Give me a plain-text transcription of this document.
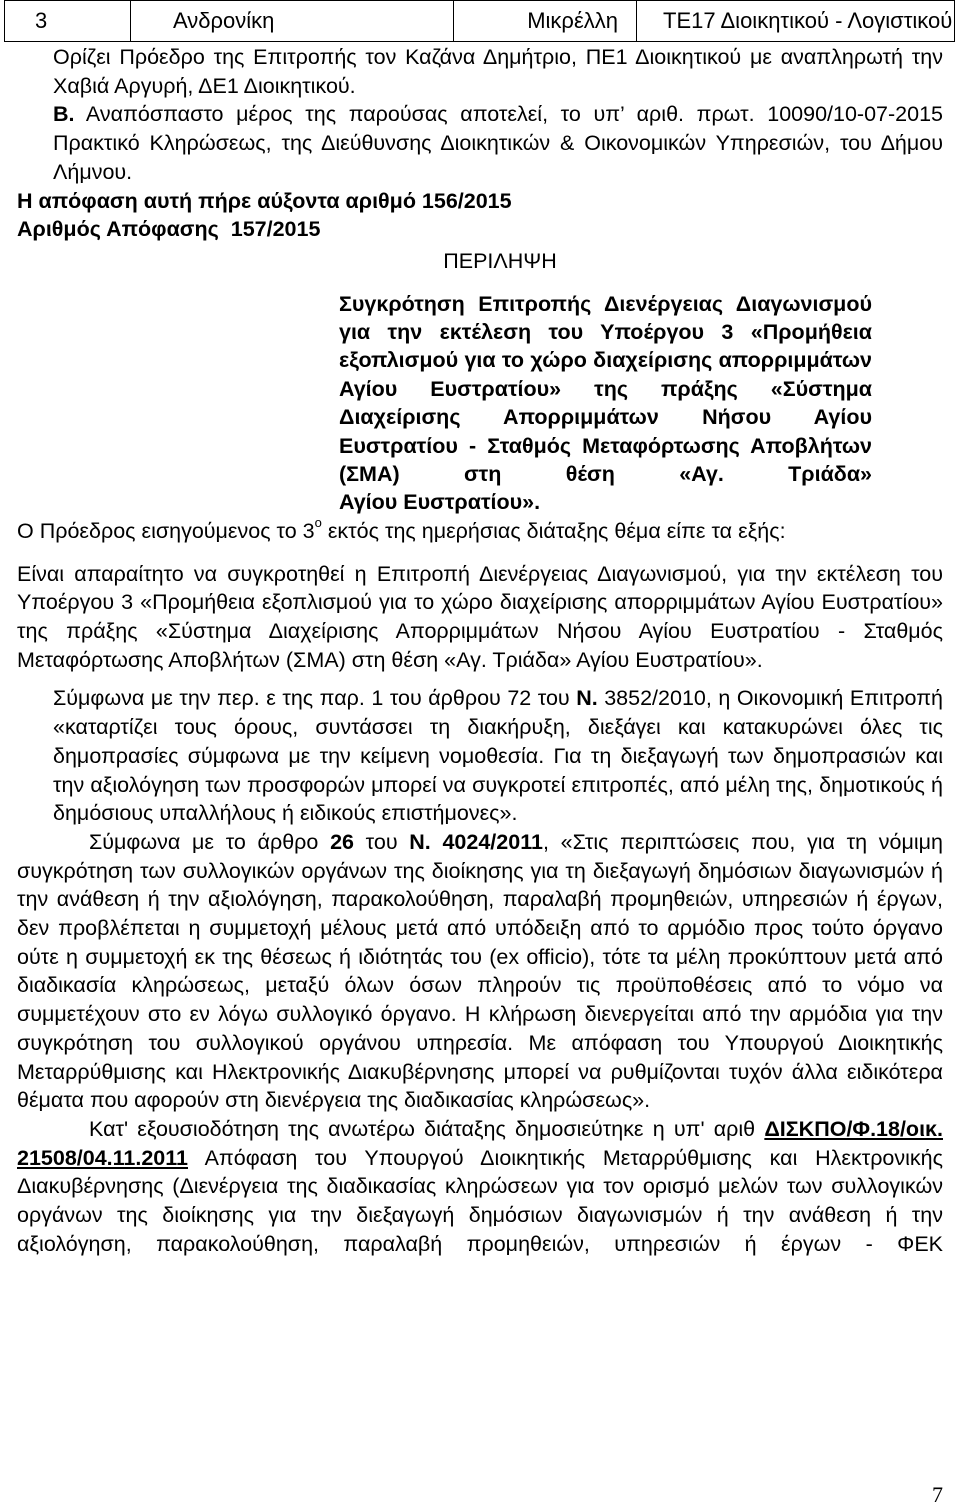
3	Ανδρονίκη	Μικρέλλη	ΤΕ17 Διοικητικού - Λογιστικού

Ορίζει Πρόεδρο της Επιτροπής τον Καζάνα Δημήτριο, ΠΕ1 Διοικητικού με αναπληρωτή την Χαβιά Αργυρή, ΔΕ1 Διοικητικού.

Β. Αναπόσπαστο μέρος της παρούσας αποτελεί, το υπ’ αριθ. πρωτ. 10090/10-07-2015 Πρακτικό Κληρώσεως, της Διεύθυνσης Διοικητικών & Οικονομικών Υπηρεσιών, του Δήμου Λήμνου.

Η απόφαση αυτή πήρε αύξοντα αριθμό 156/2015

Αριθμός Απόφασης  157/2015

ΠΕΡΙΛΗΨΗ

Συγκρότηση Επιτροπής Διενέργειας Διαγωνισμού για την εκτέλεση του Υποέργου 3 «Προμήθεια εξοπλισμού για το χώρο διαχείρισης απορριμμάτων Αγίου Ευστρατίου» της πράξης «Σύστημα Διαχείρισης Απορριμμάτων Νήσου Αγίου Ευστρατίου - Σταθμός Μεταφόρτωσης Αποβλήτων (ΣΜΑ) στη θέση «Αγ. Τριάδα»

Αγίου Ευστρατίου».

Ο Πρόεδρος εισηγούμενος το $3^o$ εκτός της ημερήσιας διάταξης θέμα είπε τα εξής:

Είναι απαραίτητο να συγκροτηθεί η Επιτροπή Διενέργειας Διαγωνισμού, για την εκτέλεση του Υποέργου 3 «Προμήθεια εξοπλισμού για το χώρο διαχείρισης απορριμμάτων Αγίου Ευστρατίου» της πράξης «Σύστημα Διαχείρισης Απορριμμάτων Νήσου Αγίου Ευστρατίου - Σταθμός Μεταφόρτωσης Αποβλήτων (ΣΜΑ) στη θέση «Αγ. Τριάδα» Αγίου Ευστρατίου».

Σύμφωνα με την περ. ε της παρ. 1 του άρθρου 72 του Ν. 3852/2010, η Οικονομική Επιτροπή «καταρτίζει τους όρους, συντάσσει τη διακήρυξη, διεξάγει και κατακυρώνει όλες τις δημοπρασίες σύμφωνα με την κείμενη νομοθεσία. Για τη διεξαγωγή των δημοπρασιών και την αξιολόγηση των προσφορών μπορεί να συγκροτεί επιτροπές, από μέλη της, δημοτικούς ή δημόσιους υπαλλήλους ή ειδικούς επιστήμονες».

Σύμφωνα με το άρθρο 26 του Ν. 4024/2011, «Στις περιπτώσεις που, για τη νόμιμη συγκρότηση των συλλογικών οργάνων της διοίκησης για τη διεξαγωγή δημόσιων διαγωνισμών ή την ανάθεση ή την αξιολόγηση, παρακολούθηση, παραλαβή προμηθειών, υπηρεσιών ή έργων, δεν προβλέπεται η συμμετοχή μέλους μετά από υπόδειξη από το αρμόδιο προς τούτο όργανο ούτε η συμμετοχή εκ της θέσεως ή ιδιότητάς του (ex officio), τότε τα μέλη προκύπτουν μετά από διαδικασία κληρώσεως, μεταξύ όλων όσων πληρούν τις προϋποθέσεις από το νόμο να συμμετέχουν στο εν λόγω συλλογικό όργανο. Η κλήρωση διενεργείται από την αρμόδια για την συγκρότηση του συλλογικού οργάνου υπηρεσία. Με απόφαση του Υπουργού Διοικητικής Μεταρρύθμισης και Ηλεκτρονικής Διακυβέρνησης μπορεί να ρυθμίζονται τυχόν άλλα ειδικότερα θέματα που αφορούν στη διενέργεια της διαδικασίας κληρώσεως».

Κατ' εξουσιοδότηση της ανωτέρω διάταξης δημοσιεύτηκε η υπ' αριθ ΔΙΣΚΠΟ/Φ.18/οικ. 21508/04.11.2011 Απόφαση του Υπουργού Διοικητικής Μεταρρύθμισης και Ηλεκτρονικής Διακυβέρνησης (Διενέργεια της διαδικασίας κληρώσεων για τον ορισμό μελών των συλλογικών οργάνων της διοίκησης για την διεξαγωγή δημόσιων διαγωνισμών ή την ανάθεση ή την αξιολόγηση, παρακολούθηση, παραλαβή προμηθειών, υπηρεσιών ή έργων - ΦΕΚ

7
